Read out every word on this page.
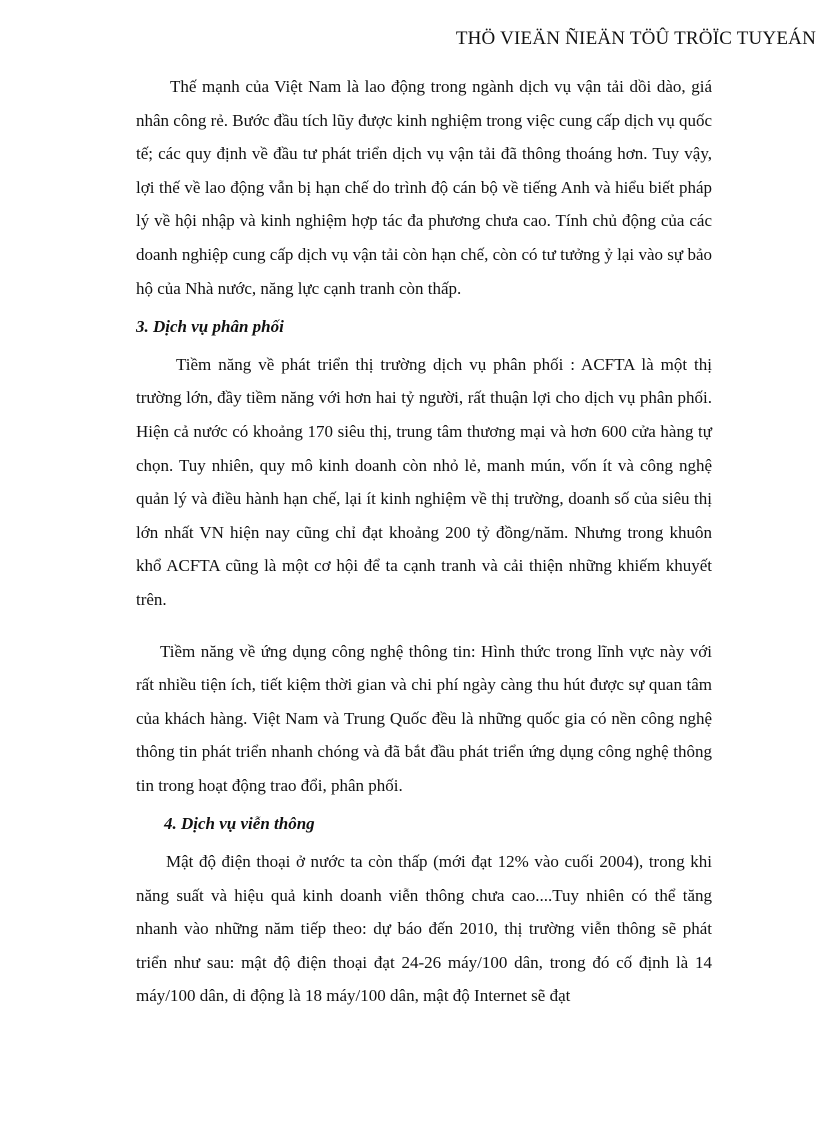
THÖ VIEÄN ÑIEÄN TÖÛ TRÖÏC TUYEÁN

Thế mạnh của Việt Nam là lao động trong ngành dịch vụ vận tải dồi dào, giá nhân công rẻ. Bước đầu tích lũy được kinh nghiệm trong việc cung cấp dịch vụ quốc tế; các quy định về đầu tư phát triển dịch vụ vận tải đã thông thoáng hơn. Tuy vậy, lợi thế về lao động vẫn bị hạn chế do trình độ cán bộ về tiếng Anh và hiểu biết pháp lý về hội nhập và kinh nghiệm hợp tác đa phương chưa cao. Tính chủ động của các doanh nghiệp cung cấp dịch vụ vận tải còn hạn chế, còn có tư tưởng ỷ lại vào sự bảo hộ của Nhà nước, năng lực cạnh tranh còn thấp.

3. Dịch vụ phân phối

Tiềm năng về phát triển thị trường dịch vụ phân phối : ACFTA là một thị trường lớn, đầy tiềm năng với hơn hai tỷ người, rất thuận lợi cho dịch vụ phân phối. Hiện cả nước có khoảng 170 siêu thị, trung tâm thương mại và hơn 600 cửa hàng tự chọn. Tuy nhiên, quy mô kinh doanh còn nhỏ lẻ, manh mún, vốn ít và công nghệ quản lý và điều hành hạn chế, lại ít kinh nghiệm về thị trường, doanh số của siêu thị lớn nhất VN hiện nay cũng chỉ đạt khoảng 200 tỷ đồng/năm. Nhưng trong khuôn khổ ACFTA cũng là một cơ hội để ta cạnh tranh và cải thiện những khiếm khuyết trên.

Tiềm năng về ứng dụng công nghệ thông tin: Hình thức trong lĩnh vực này với rất nhiều tiện ích, tiết kiệm thời gian và chi phí ngày càng thu hút được sự quan tâm của khách hàng. Việt Nam và Trung Quốc đều là những quốc gia có nền công nghệ thông tin phát triển nhanh chóng và đã bắt đầu phát triển ứng dụng công nghệ thông tin trong hoạt động trao đổi, phân phối.

4. Dịch vụ viễn thông

Mật độ điện thoại ở nước ta còn thấp (mới đạt 12% vào cuối 2004), trong khi năng suất và hiệu quả kinh doanh viễn thông chưa cao....Tuy nhiên có thể tăng nhanh vào những năm tiếp theo: dự báo đến 2010, thị trường viễn thông sẽ phát triển như sau: mật độ điện thoại đạt 24-26 máy/100 dân, trong đó cố định là 14 máy/100 dân, di động là 18 máy/100 dân, mật độ Internet sẽ đạt
